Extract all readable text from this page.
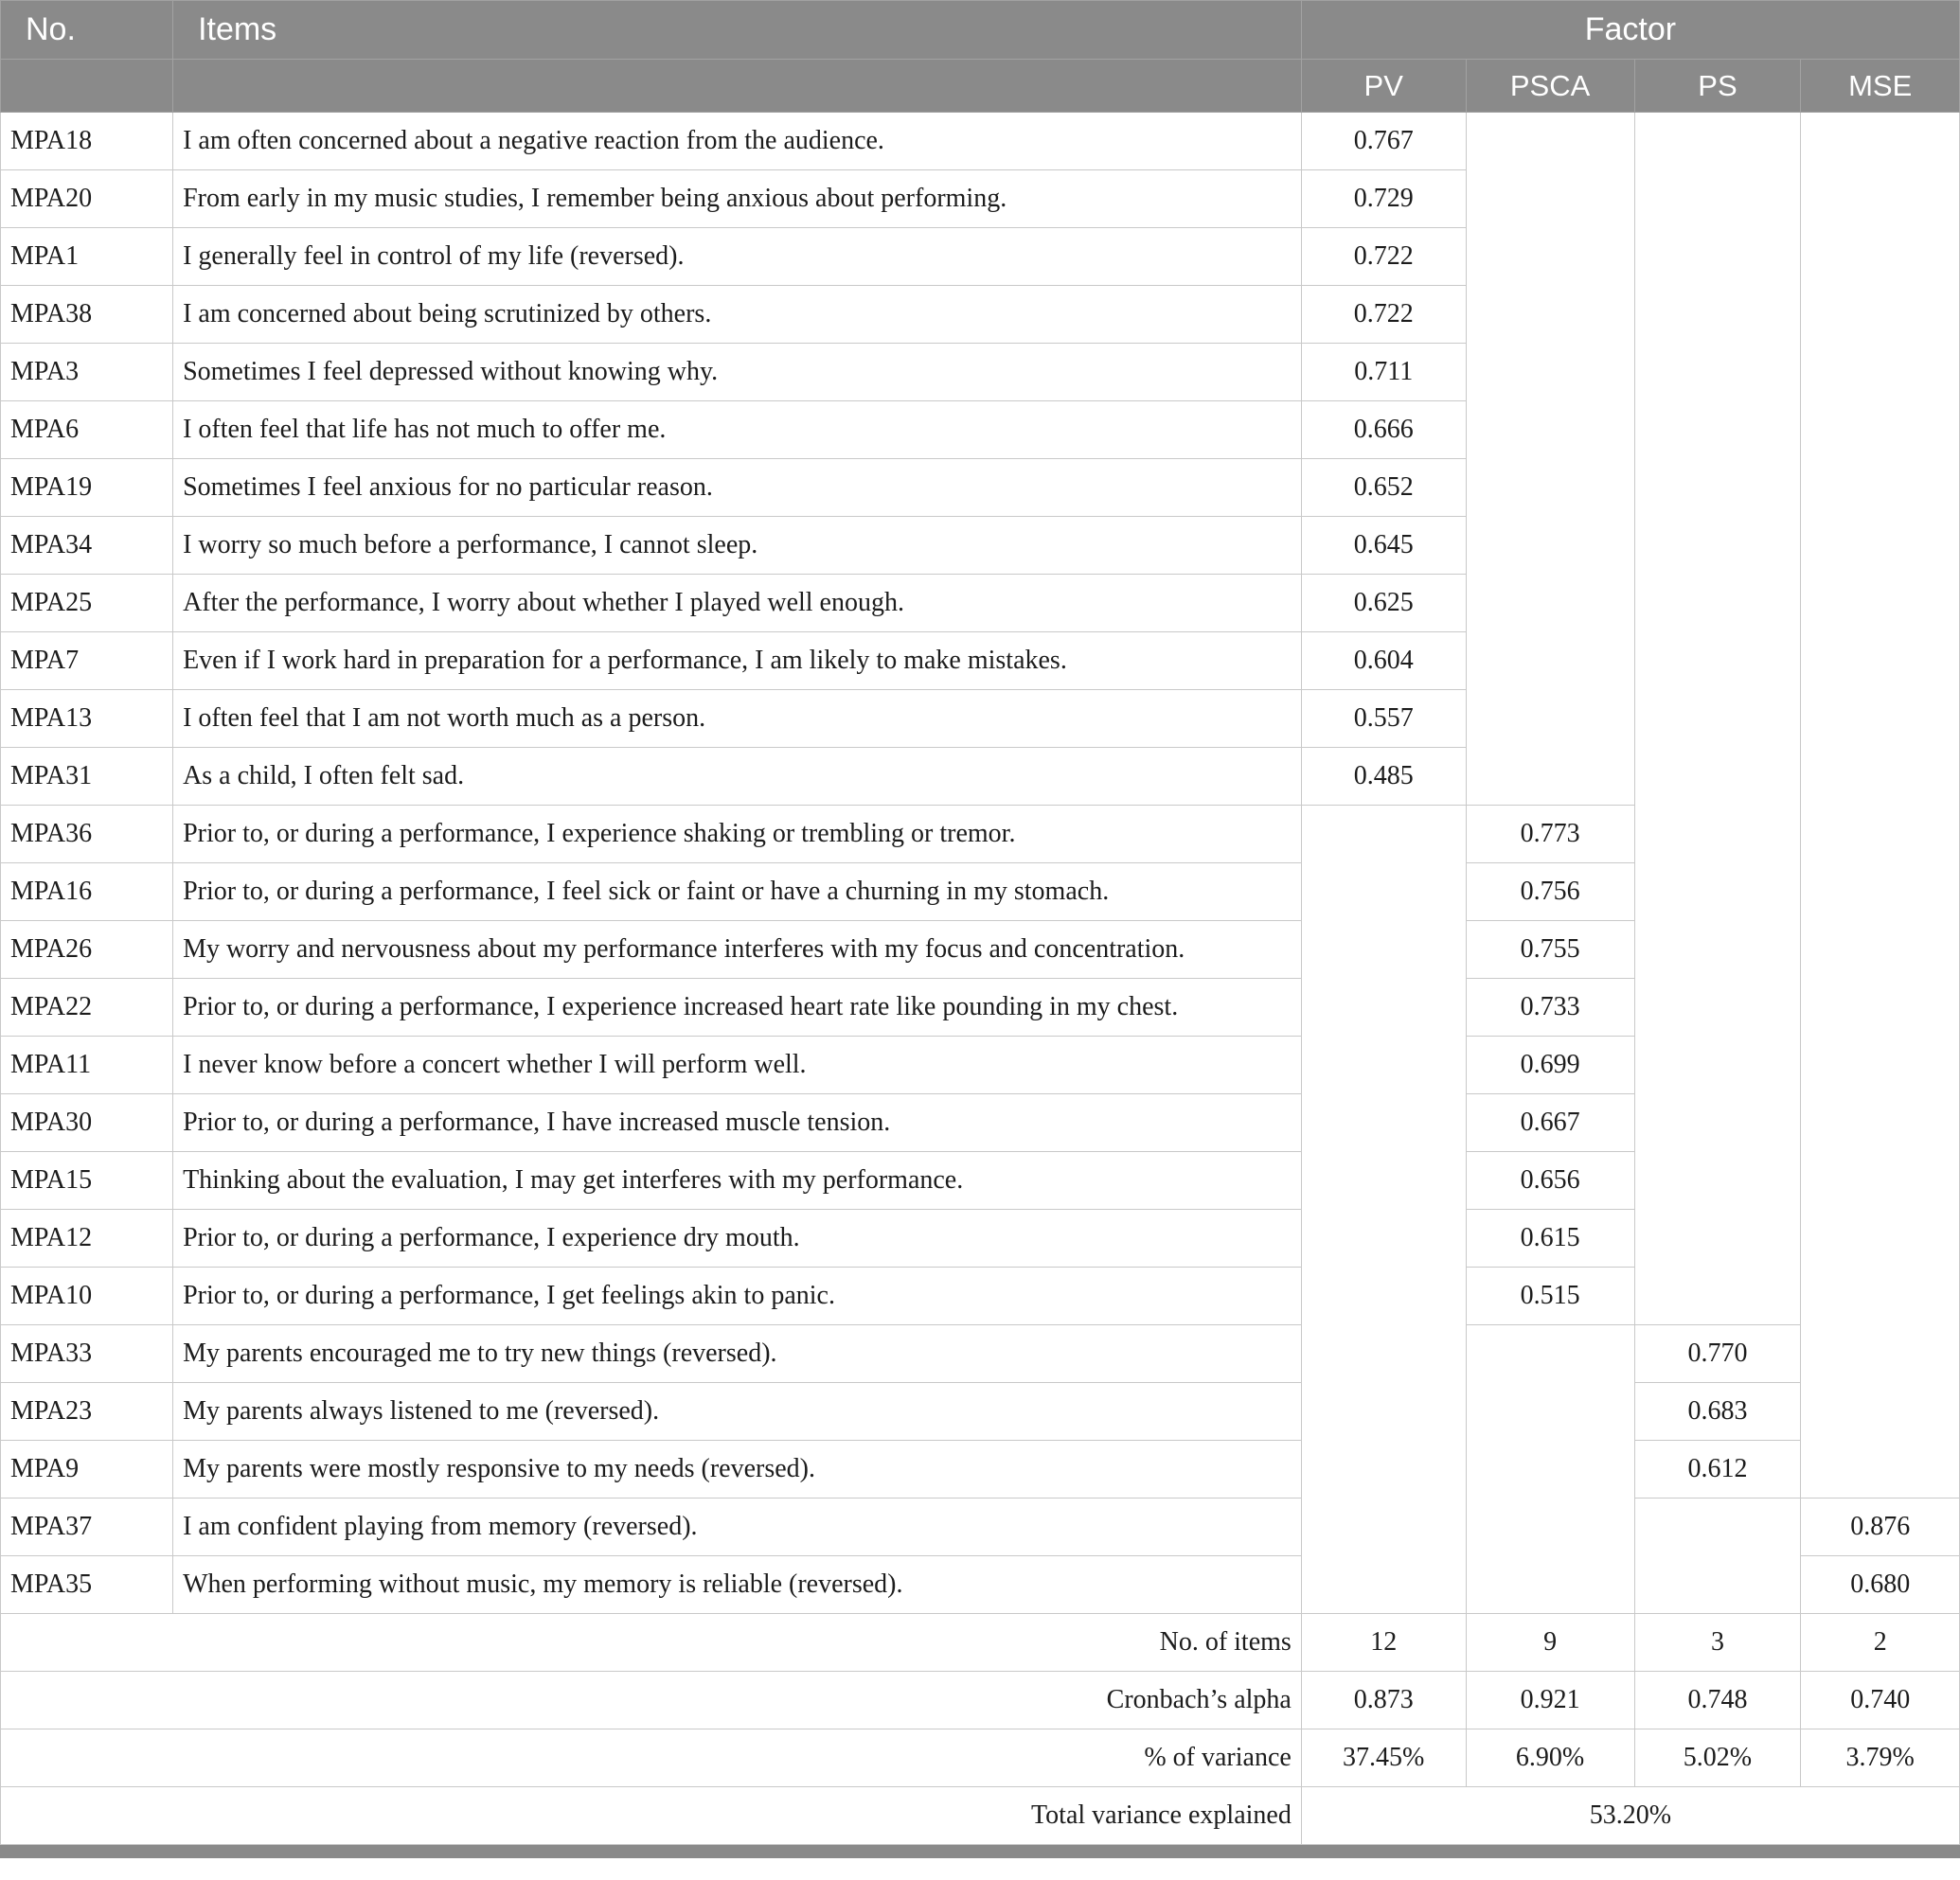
No.	Items	Factor			
		PV	PSCA	PS	MSE
MPA18	I am often concerned about a negative reaction from the audience.	0.767			
MPA20	From early in my music studies, I remember being anxious about performing.	0.729			
MPA1	I generally feel in control of my life (reversed).	0.722			
MPA38	I am concerned about being scrutinized by others.	0.722			
MPA3	Sometimes I feel depressed without knowing why.	0.711			
MPA6	I often feel that life has not much to offer me.	0.666			
MPA19	Sometimes I feel anxious for no particular reason.	0.652			
MPA34	I worry so much before a performance, I cannot sleep.	0.645			
MPA25	After the performance, I worry about whether I played well enough.	0.625			
MPA7	Even if I work hard in preparation for a performance, I am likely to make mistakes.	0.604			
MPA13	I often feel that I am not worth much as a person.	0.557			
MPA31	As a child, I often felt sad.	0.485			
MPA36	Prior to, or during a performance, I experience shaking or trembling or tremor.		0.773		
MPA16	Prior to, or during a performance, I feel sick or faint or have a churning in my stomach.		0.756		
MPA26	My worry and nervousness about my performance interferes with my focus and concentration.		0.755		
MPA22	Prior to, or during a performance, I experience increased heart rate like pounding in my chest.		0.733		
MPA11	I never know before a concert whether I will perform well.		0.699		
MPA30	Prior to, or during a performance, I have increased muscle tension.		0.667		
MPA15	Thinking about the evaluation, I may get interferes with my performance.		0.656		
MPA12	Prior to, or during a performance, I experience dry mouth.		0.615		
MPA10	Prior to, or during a performance, I get feelings akin to panic.		0.515		
MPA33	My parents encouraged me to try new things (reversed).			0.770	
MPA23	My parents always listened to me (reversed).			0.683	
MPA9	My parents were mostly responsive to my needs (reversed).			0.612	
MPA37	I am confident playing from memory (reversed).				0.876
MPA35	When performing without music, my memory is reliable (reversed).				0.680
No. of items		12	9	3	2
Cronbach’s alpha		0.873	0.921	0.748	0.740
% of variance		37.45%	6.90%	5.02%	3.79%
Total variance explained		53.20%			
